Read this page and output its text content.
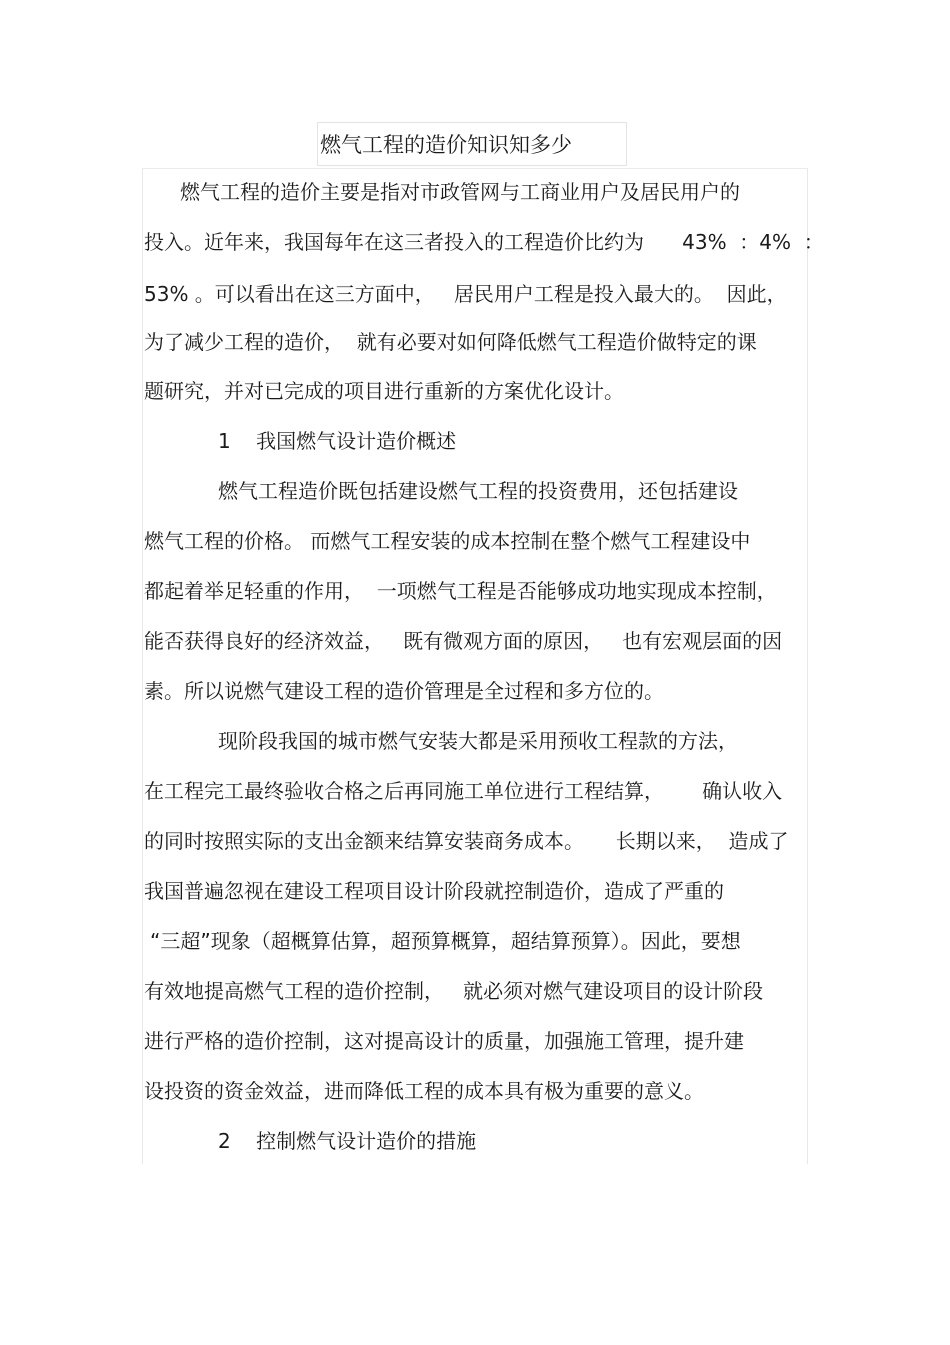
燃气工程的造价知识知多少
燃气工程的造价主要是指对市政管网与工商业用户及居民用户的
投入。近年来，我国每年在这三者投入的工程造价比约为      43%  ：4%  ：
53% 。可以看出在这三方面中，   居民用户工程是投入最大的。  因此，
为了减少工程的造价，  就有必要对如何降低燃气工程造价做特定的课
题研究，并对已完成的项目进行重新的方案优化设计。
1    我国燃气设计造价概述
燃气工程造价既包括建设燃气工程的投资费用，还包括建设
燃气工程的价格。 而燃气工程安装的成本控制在整个燃气工程建设中
都起着举足轻重的作用，  一项燃气工程是否能够成功地实现成本控制，
能否获得良好的经济效益，   既有微观方面的原因，   也有宏观层面的因
素。所以说燃气建设工程的造价管理是全过程和多方位的。
现阶段我国的城市燃气安装大都是采用预收工程款的方法，
在工程完工最终验收合格之后再同施工单位进行工程结算，      确认收入
的同时按照实际的支出金额来结算安装商务成本。     长期以来，  造成了
我国普遍忽视在建设工程项目设计阶段就控制造价，造成了严重的
“三超”现象（超概算估算，超预算概算，超结算预算）。因此，要想
有效地提高燃气工程的造价控制，   就必须对燃气建设项目的设计阶段
进行严格的造价控制，这对提高设计的质量，加强施工管理，提升建
设投资的资金效益，进而降低工程的成本具有极为重要的意义。
2    控制燃气设计造价的措施
